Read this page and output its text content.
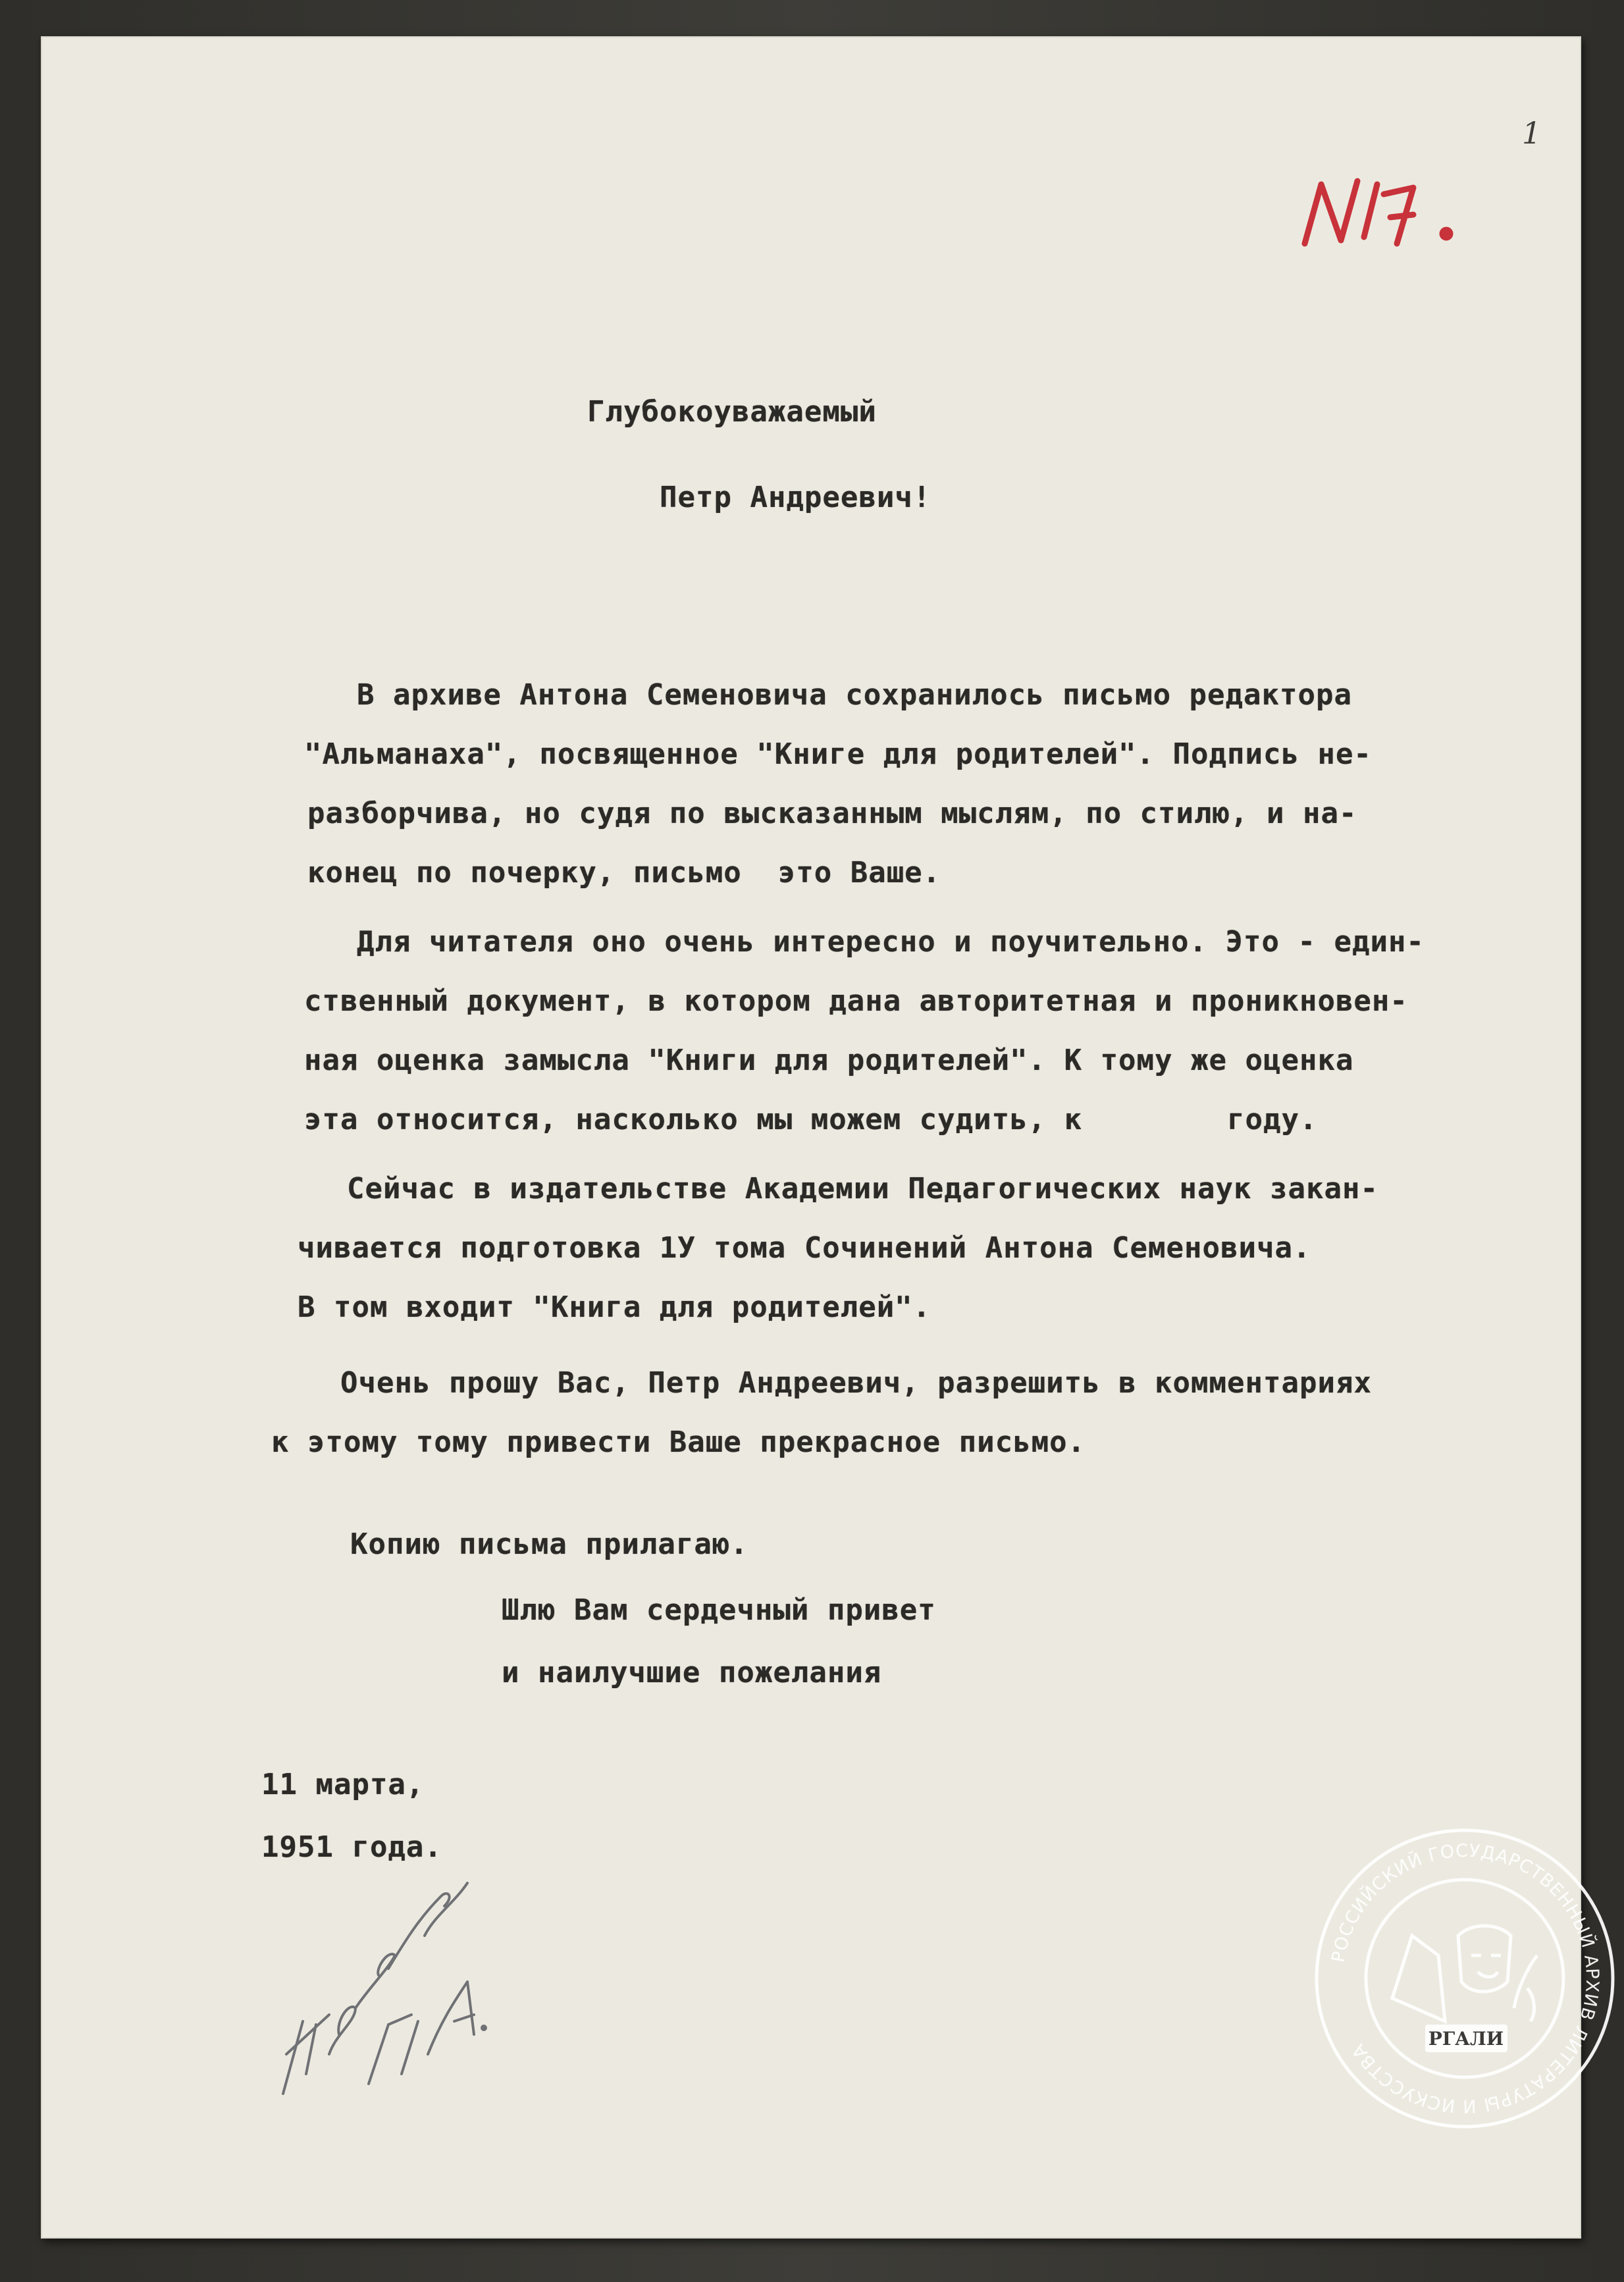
1
Глубокоуважаемый
Петр Андреевич!
В архиве Антона Семеновича сохранилось письмо редактора
"Альманаха", посвященное "Книге для родителей". Подпись не-
разборчива, но судя по высказанным мыслям, по стилю, и на-
конец по почерку, письмо  это Ваше.
Для читателя оно очень интересно и поучительно. Это - един-
ственный документ, в котором дана авторитетная и проникновен-
ная оценка замысла "Книги для родителей". К тому же оценка
эта относится, насколько мы можем судить, к        году.
Сейчас в издательстве Академии Педагогических наук закан-
чивается подготовка 1У тома Сочинений Антона Семеновича.
В том входит "Книга для родителей".
Очень прошу Вас, Петр Андреевич, разрешить в комментариях
к этому тому привести Ваше прекрасное письмо.
Копию письма прилагаю.
Шлю Вам сердечный привет
и наилучшие пожелания
11 марта,
1951 года.
РОССИЙСКИЙ ГОСУДАРСТВЕННЫЙ АРХИВ ЛИТЕРАТУРЫ И ИСКУССТВА
РГАЛИ
